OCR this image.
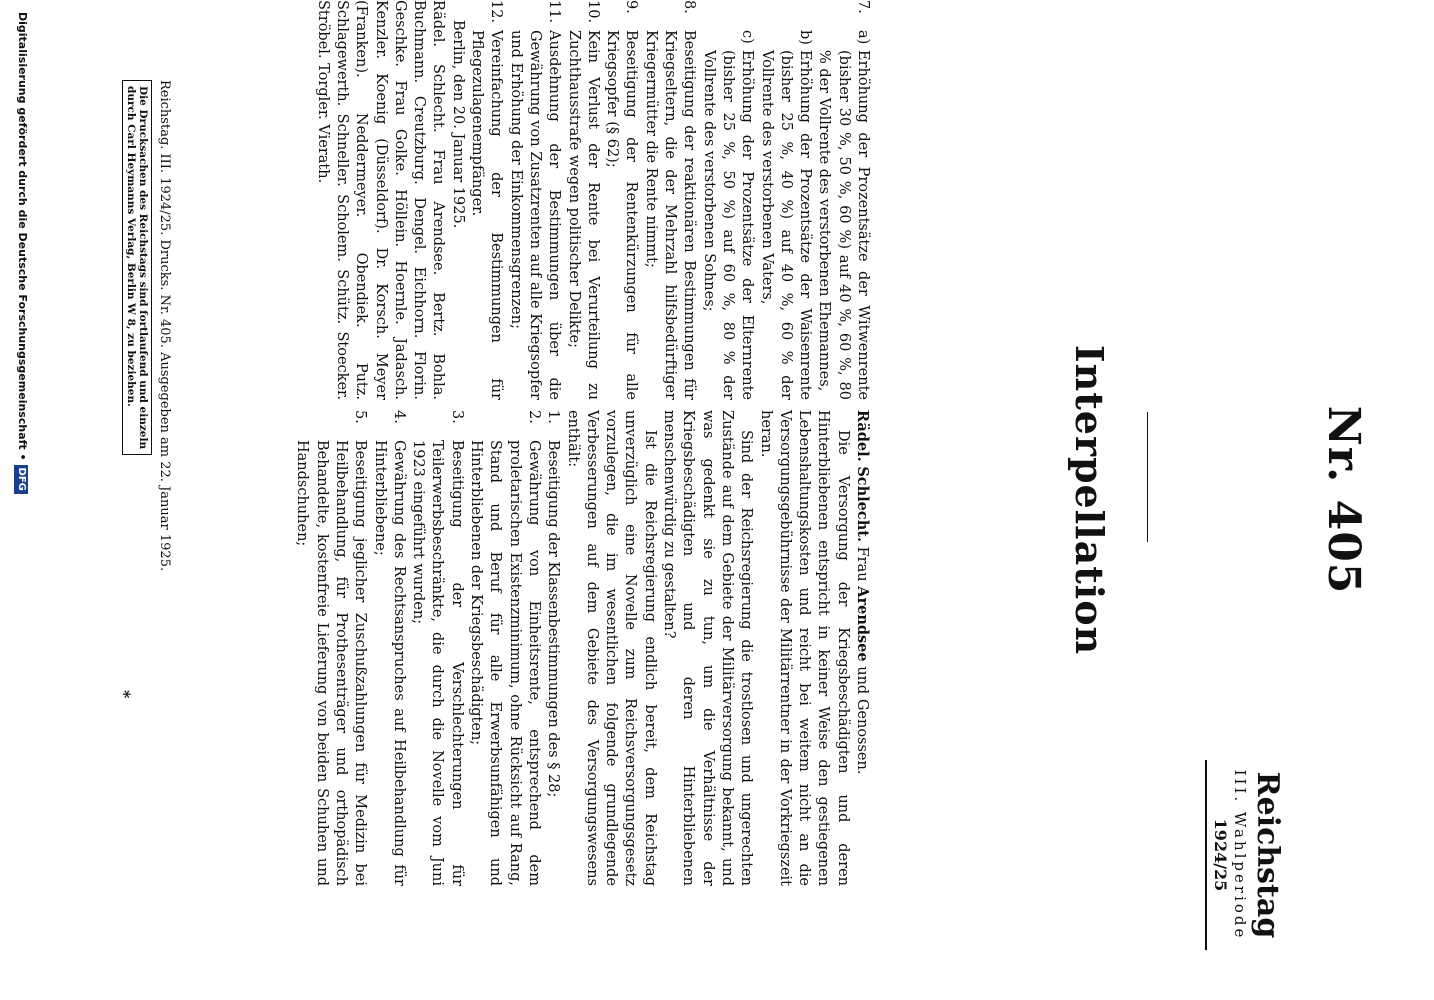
Nr. 405
Reichstag
III. Wahlperiode
1924/25
Interpellation

Rädel. Schlecht. Frau Arendsee und Genossen.

Die Versorgung der Kriegsbeschädigten und deren Hinterbliebenen entspricht in keiner Weise den gestiegenen Lebenshaltungskosten und reicht bei weitem nicht an die Versorgungsgebührnisse der Militärrentner in der Vorkriegszeit heran.

Sind der Reichsregierung die trostlosen und ungerechten Zustände auf dem Gebiete der Militärversorgung bekannt, und was gedenkt sie zu tun, um die Verhältnisse der Kriegsbeschädigten und deren Hinterbliebenen menschenwürdig zu gestalten?

Ist die Reichsregierung endlich bereit, dem Reichstag unverzüglich eine Novelle zum Reichsversorgungsgesetz vorzulegen, die im wesentlichen folgende grundlegende Verbesserungen auf dem Gebiete des Versorgungswesens enthält:

1.
Beseitigung der Klassenbestimmungen des § 28;
2.
Gewährung von Einheitsrente, entsprechend dem proletarischen Existenzminimum, ohne Rücksicht auf Rang, Stand und Beruf für alle Erwerbsunfähigen und Hinterbliebenen der Kriegsbeschädigten;
3.
Beseitigung der Verschlechterungen für Teilerwerbsbeschränkte, die durch die Novelle vom Juni 1923 eingeführt wurden;
4.
Gewährung des Rechtsanspruches auf Heilbehandlung für Hinterbliebene;
5.
Beseitigung jeglicher Zuschußzahlungen für Medizin bei Heilbehandlung, für Prothesenträger und orthopädisch Behandelte, kostenfreie Lieferung von beiden Schuhen und Handschuhen;
7.
a)
Erhöhung der Prozentsätze der Witwenrente (bisher 30 %, 50 %, 60 %) auf 40 %, 60 %, 80 % der Vollrente des verstorbenen Ehemannes,
b)
Erhöhung der Prozentsätze der Waisenrente (bisher 25 %, 40 %) auf 40 %, 60 % der Vollrente des verstorbenen Vaters,
c)
Erhöhung der Prozentsätze der Elternrente (bisher 25 %, 50 %) auf 60 %, 80 % der Vollrente des verstorbenen Sohnes;
8.
Beseitigung der reaktionären Bestimmungen für Kriegseltern, die der Mehrzahl hilfsbedürftiger Kriegermütter die Rente nimmt;
9.
Beseitigung der Rentenkürzungen für alle Kriegsopfer (§ 62);
10.
Kein Verlust der Rente bei Verurteilung zu Zuchthausstrafe wegen politischer Delikte;
11.
Ausdehnung der Bestimmungen über die Gewährung von Zusatzrenten auf alle Kriegsopfer und Erhöhung der Einkommensgrenzen;
12.
Vereinfachung der Bestimmungen für Pflegezulagenempfänger.

Berlin, den 20. Januar 1925.

Rädel. Schlecht. Frau Arendsee. Bertz. Bohla. Buchmann. Creutzburg. Dengel. Eichhorn. Florin. Geschke. Frau Golke. Höllein. Hoernle. Jadasch. Kenzler. Koenig (Düsseldorf). Dr. Korsch. Meyer (Franken). Neddermeyer. Obendiek. Putz. Schlagewerth. Schneller. Scholem. Schütz. Stoecker. Ströbel. Torgler. Vierath.

Reichstag. III. 1924/25. Drucks. Nr. 405. Ausgegeben am 22. Januar 1925.
Die Drucksachen des Reichstags sind fortlaufend und einzeln
durch Carl Heymanns Verlag, Berlin W 8, zu beziehen.
*
Digitalisierung gefördert durch die Deutsche Forschungsgemeinschaft •DFG
